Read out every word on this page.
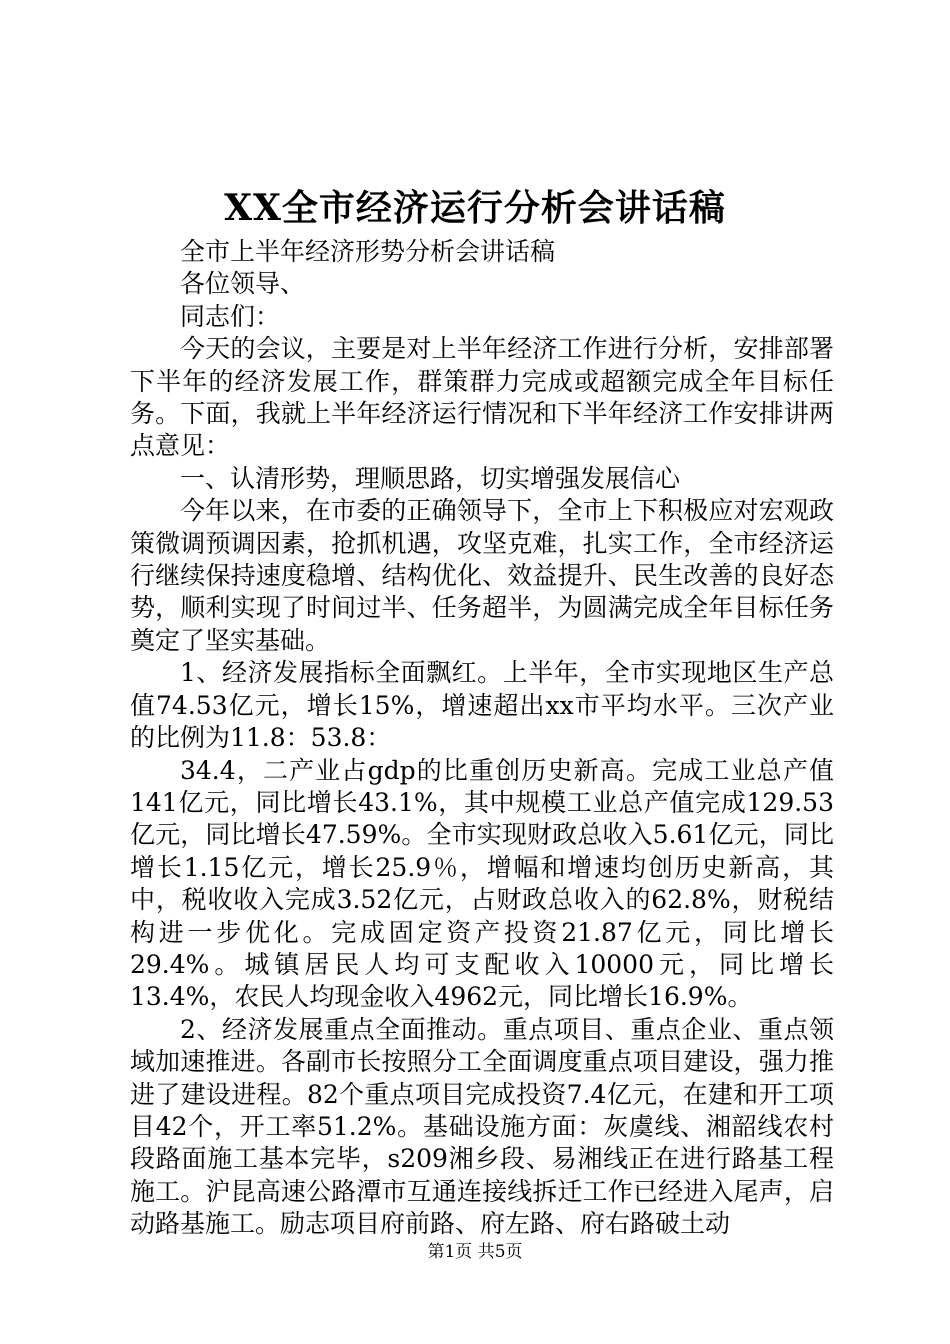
XX全市经济运行分析会讲话稿

全市上半年经济形势分析会讲话稿

各位领导、

同志们：

今天的会议，主要是对上半年经济工作进行分析，安排部署下半年的经济发展工作，群策群力完成或超额完成全年目标任务。下面，我就上半年经济运行情况和下半年经济工作安排讲两点意见：

一、认清形势，理顺思路，切实增强发展信心

今年以来，在市委的正确领导下，全市上下积极应对宏观政策微调预调因素，抢抓机遇，攻坚克难，扎实工作，全市经济运行继续保持速度稳增、结构优化、效益提升、民生改善的良好态势，顺利实现了时间过半、任务超半，为圆满完成全年目标任务奠定了坚实基础。

1、经济发展指标全面飘红。上半年，全市实现地区生产总值74.53亿元，增长15%，增速超出xx市平均水平。三次产业的比例为11.8：53.8：

34.4，二产业占gdp的比重创历史新高。完成工业总产值141亿元，同比增长43.1%，其中规模工业总产值完成129.53亿元，同比增长47.59%。全市实现财政总收入5.61亿元，同比增长1.15亿元，增长25.9％，增幅和增速均创历史新高，其中，税收收入完成3.52亿元，占财政总收入的62.8%，财税结构进一步优化。完成固定资产投资21.87亿元，同比增长29.4%。城镇居民人均可支配收入10000元，同比增长13.4%，农民人均现金收入4962元，同比增长16.9%。

2、经济发展重点全面推动。重点项目、重点企业、重点领域加速推进。各副市长按照分工全面调度重点项目建设，强力推进了建设进程。82个重点项目完成投资7.4亿元，在建和开工项目42个，开工率51.2%。基础设施方面：灰虞线、湘韶线农村段路面施工基本完毕，s209湘乡段、易湘线正在进行路基工程施工。沪昆高速公路潭市互通连接线拆迁工作已经进入尾声，启动路基施工。励志项目府前路、府左路、府右路破土动

第1页 共5页
